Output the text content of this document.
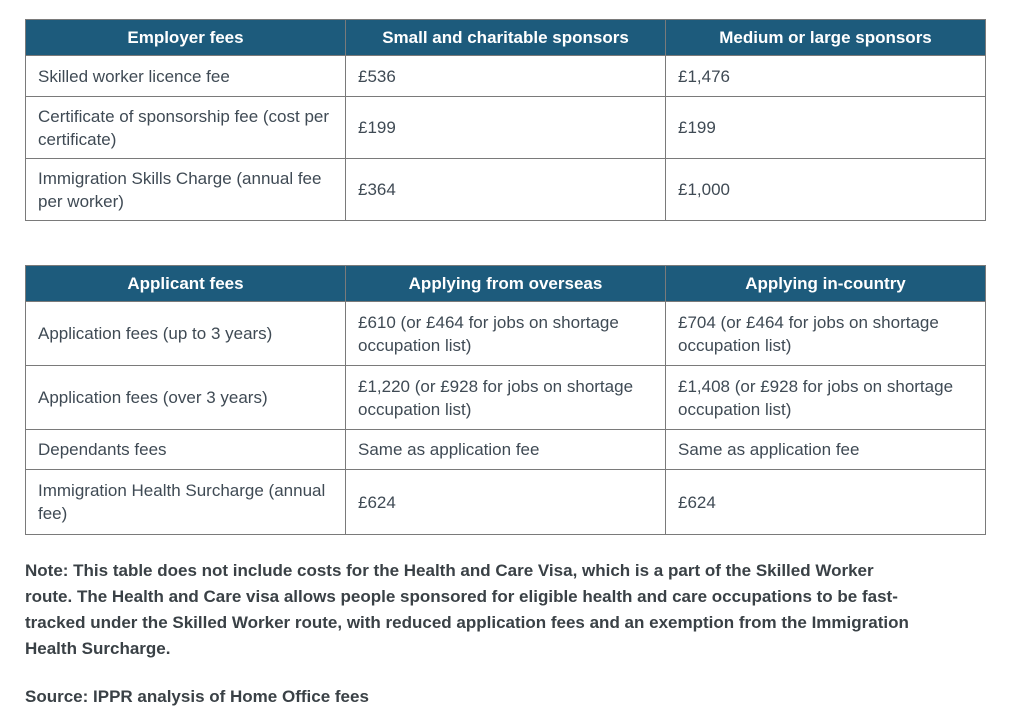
Employer fees	Small and charitable sponsors	Medium or large sponsors
Skilled worker licence fee	£536	£1,476
Certificate of sponsorship fee (cost per certificate)	£199	£199
Immigration Skills Charge (annual fee per worker)	£364	£1,000
Applicant fees	Applying from overseas	Applying in-country
Application fees (up to 3 years)	£610 (or £464 for jobs on shortage occupation list)	£704 (or £464 for jobs on shortage occupation list)
Application fees (over 3 years)	£1,220 (or £928 for jobs on shortage occupation list)	£1,408 (or £928 for jobs on shortage occupation list)
Dependants fees	Same as application fee	Same as application fee
Immigration Health Surcharge (annual fee)	£624	£624

Note: This table does not include costs for the Health and Care Visa, which is a part of the Skilled Worker route. The Health and Care visa allows people sponsored for eligible health and care occupations to be fast-tracked under the Skilled Worker route, with reduced application fees and an exemption from the Immigration Health Surcharge.

Source: IPPR analysis of Home Office fees
